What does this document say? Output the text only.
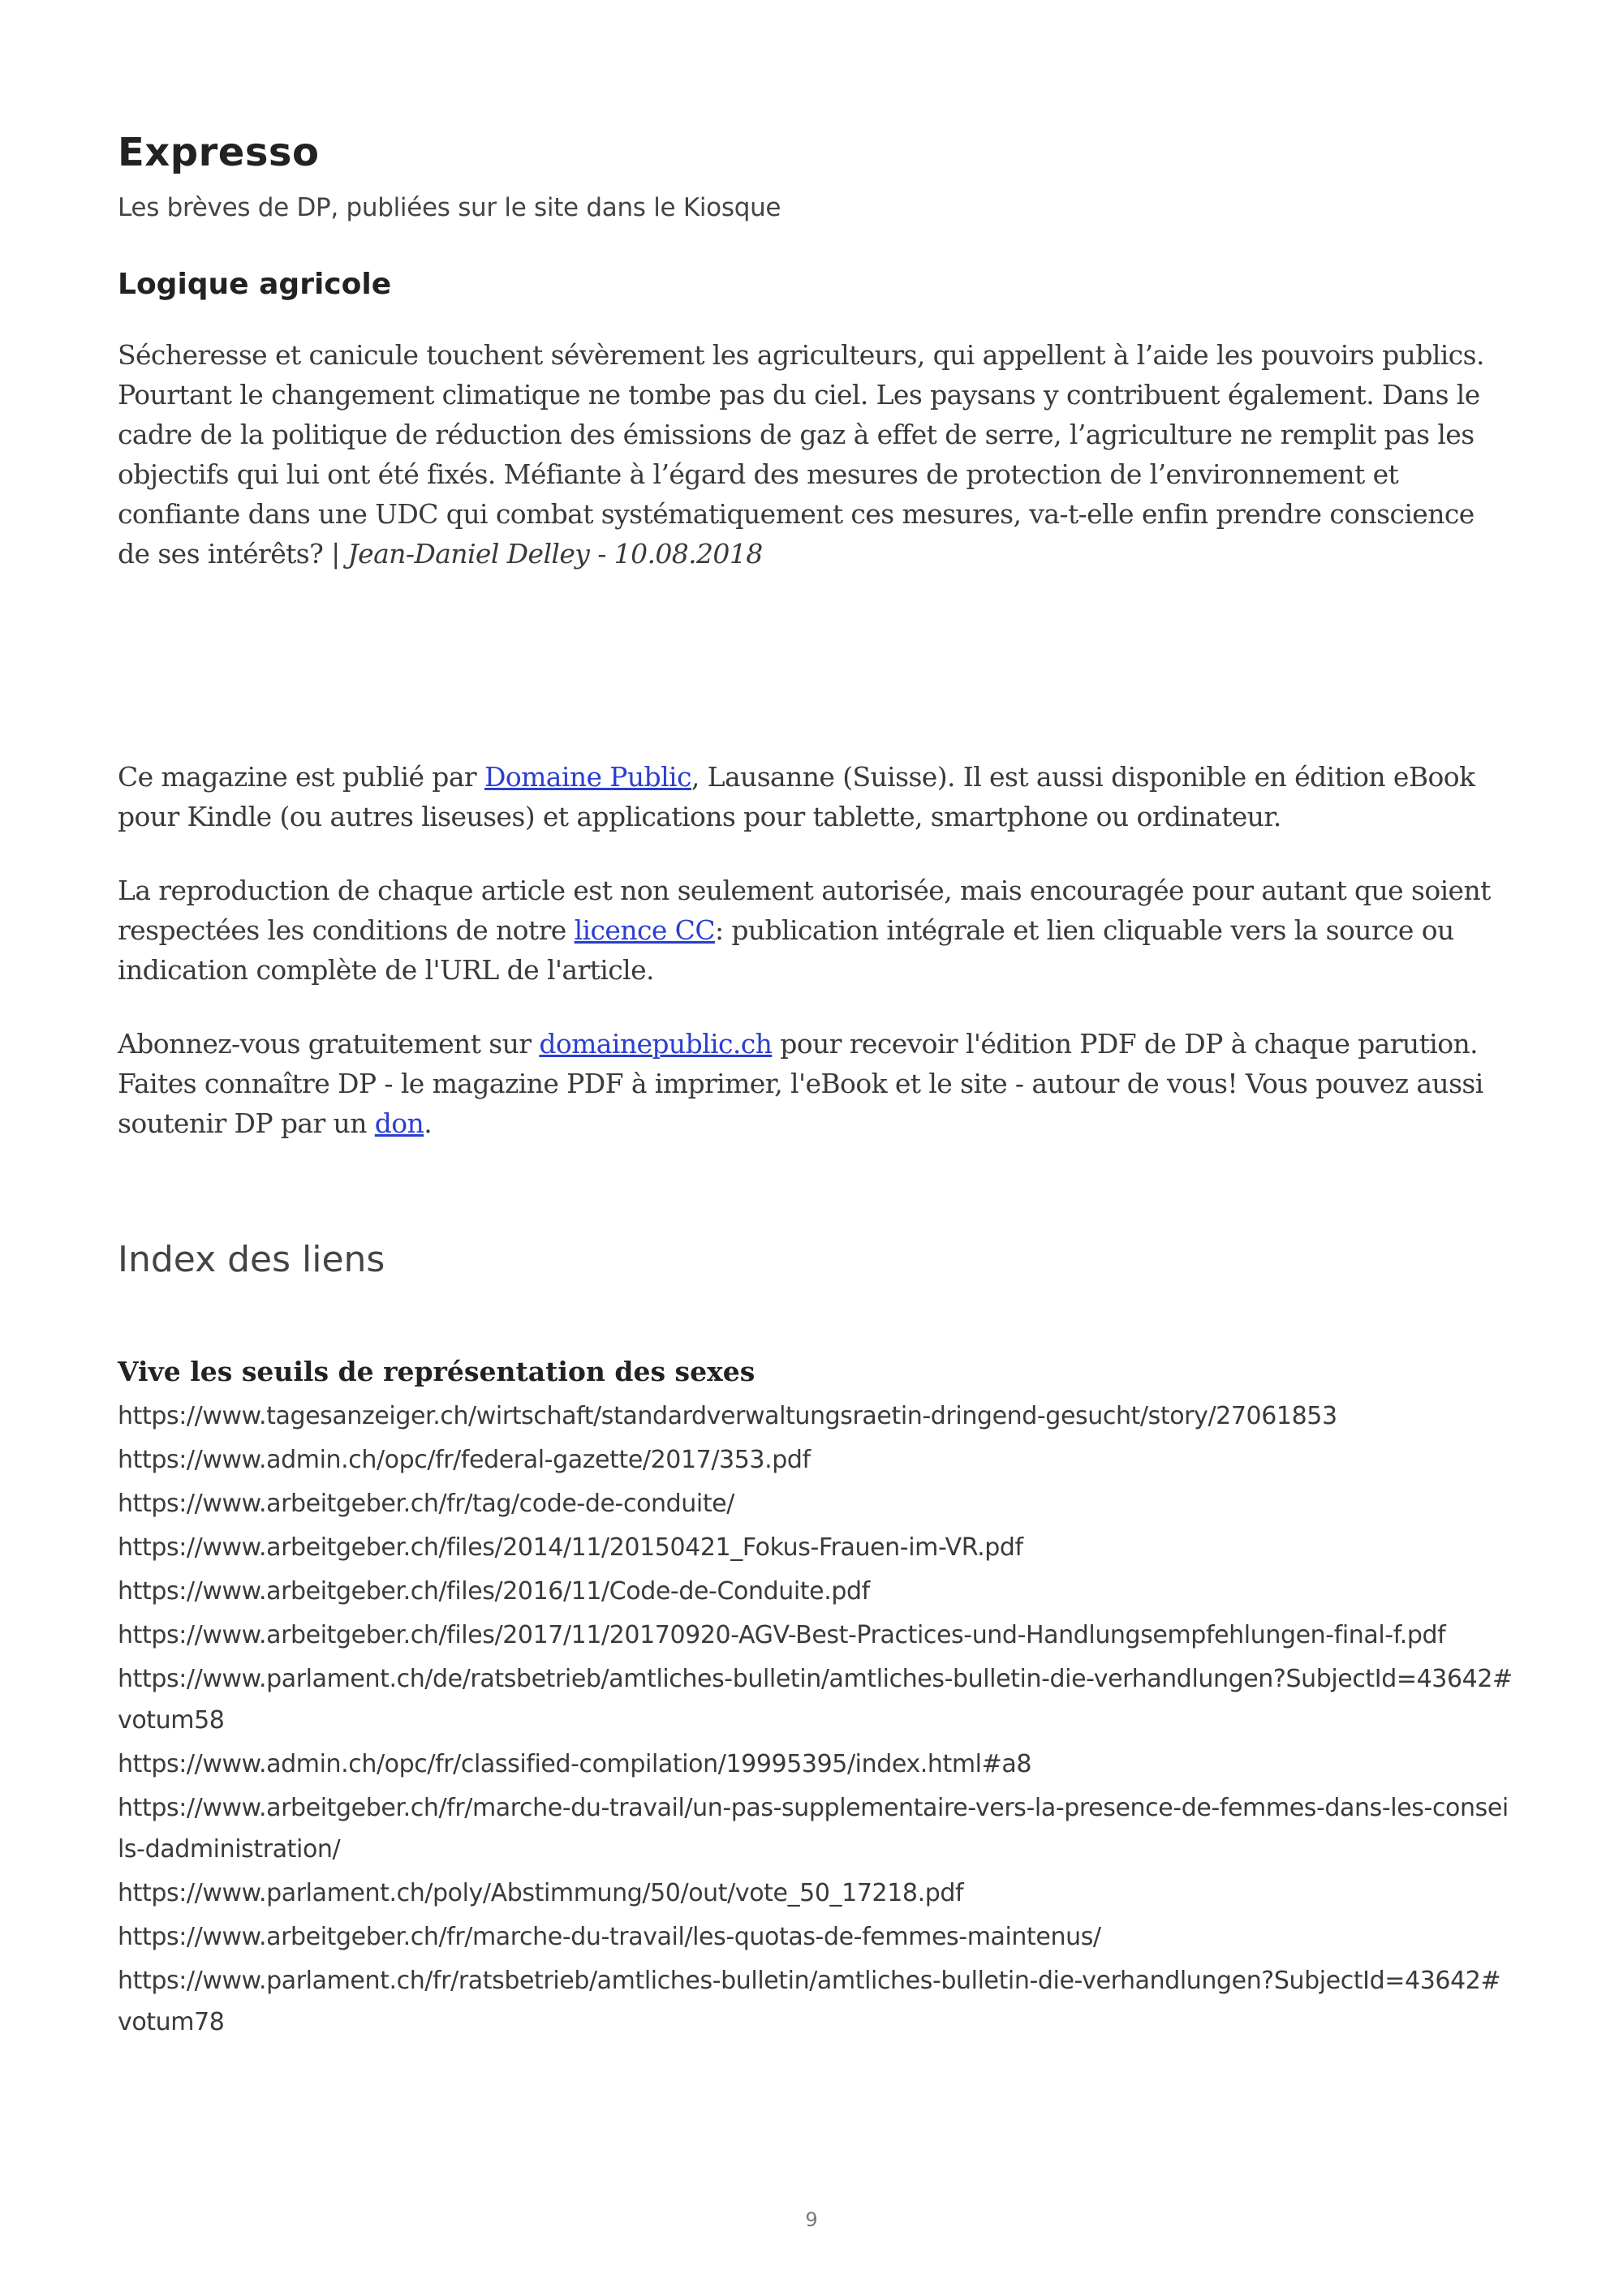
Expresso
Les brèves de DP, publiées sur le site dans le Kiosque
Logique agricole

Sécheresse et canicule touchent sévèrement les agriculteurs, qui appellent à l’aide les pouvoirs publics. Pourtant le changement climatique ne tombe pas du ciel. Les paysans y contribuent également. Dans le cadre de la politique de réduction des émissions de gaz à effet de serre, l’agriculture ne remplit pas les objectifs qui lui ont été fixés. Méfiante à l’égard des mesures de protection de l’environnement et confiante dans une UDC qui combat systématiquement ces mesures, va-t-elle enfin prendre conscience de ses intérêts? | Jean-Daniel Delley - 10.08.2018

Ce magazine est publié par Domaine Public, Lausanne (Suisse). Il est aussi disponible en édition eBook pour Kindle (ou autres liseuses) et applications pour tablette, smartphone ou ordinateur.

La reproduction de chaque article est non seulement autorisée, mais encouragée pour autant que soient respectées les conditions de notre licence CC: publication intégrale et lien cliquable vers la source ou indication complète de l'URL de l'article.

Abonnez-vous gratuitement sur domainepublic.ch pour recevoir l'édition PDF de DP à chaque parution. Faites connaître DP - le magazine PDF à imprimer, l'eBook et le site - autour de vous! Vous pouvez aussi soutenir DP par un don.

Index des liens
Vive les seuils de représentation des sexes
https://www.tagesanzeiger.ch/wirtschaft/standardverwaltungsraetin-dringend-gesucht/story/27061853
https://www.admin.ch/opc/fr/federal-gazette/2017/353.pdf
https://www.arbeitgeber.ch/fr/tag/code-de-conduite/
https://www.arbeitgeber.ch/files/2014/11/20150421_Fokus-Frauen-im-VR.pdf
https://www.arbeitgeber.ch/files/2016/11/Code-de-Conduite.pdf
https://www.arbeitgeber.ch/files/2017/11/20170920-AGV-Best-Practices-und-Handlungsempfehlungen-final-f.pdf
https://www.parlament.ch/de/ratsbetrieb/amtliches-bulletin/amtliches-bulletin-die-verhandlungen?SubjectId=43642#votum58
https://www.admin.ch/opc/fr/classified-compilation/19995395/index.html#a8
https://www.arbeitgeber.ch/fr/marche-du-travail/un-pas-supplementaire-vers-la-presence-de-femmes-dans-les-conseils-dadministration/
https://www.parlament.ch/poly/Abstimmung/50/out/vote_50_17218.pdf
https://www.arbeitgeber.ch/fr/marche-du-travail/les-quotas-de-femmes-maintenus/
https://www.parlament.ch/fr/ratsbetrieb/amtliches-bulletin/amtliches-bulletin-die-verhandlungen?SubjectId=43642#votum78
9
